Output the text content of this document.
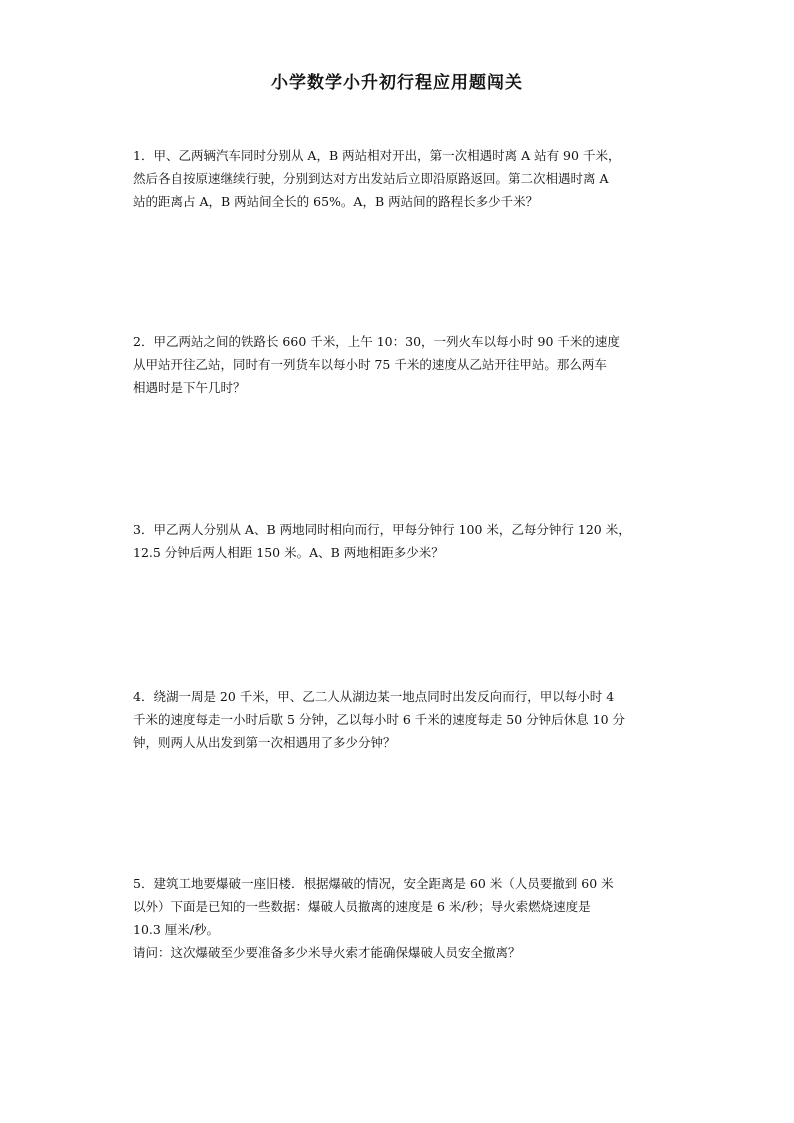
小学数学小升初行程应用题闯关
1．甲、乙两辆汽车同时分别从 A，B 两站相对开出，第一次相遇时离 A 站有 90 千米，
然后各自按原速继续行驶，分别到达对方出发站后立即沿原路返回。第二次相遇时离 A
站的距离占 A，B 两站间全长的 65%。A，B 两站间的路程长多少千米？
2．甲乙两站之间的铁路长 660 千米，上午 10：30，一列火车以每小时 90 千米的速度
从甲站开往乙站，同时有一列货车以每小时 75 千米的速度从乙站开往甲站。那么两车
相遇时是下午几时？
3．甲乙两人分别从 A、B 两地同时相向而行，甲每分钟行 100 米，乙每分钟行 120 米，
12.5 分钟后两人相距 150 米。A、B 两地相距多少米？
4．绕湖一周是 20 千米，甲、乙二人从湖边某一地点同时出发反向而行，甲以每小时 4
千米的速度每走一小时后歇 5 分钟，乙以每小时 6 千米的速度每走 50 分钟后休息 10 分
钟，则两人从出发到第一次相遇用了多少分钟？
5．建筑工地要爆破一座旧楼．根据爆破的情况，安全距离是 60 米（人员要撤到 60 米
以外）下面是已知的一些数据：爆破人员撤离的速度是 6 米/秒；导火索燃烧速度是
10.3 厘米/秒。
请问：这次爆破至少要准备多少米导火索才能确保爆破人员安全撤离？
